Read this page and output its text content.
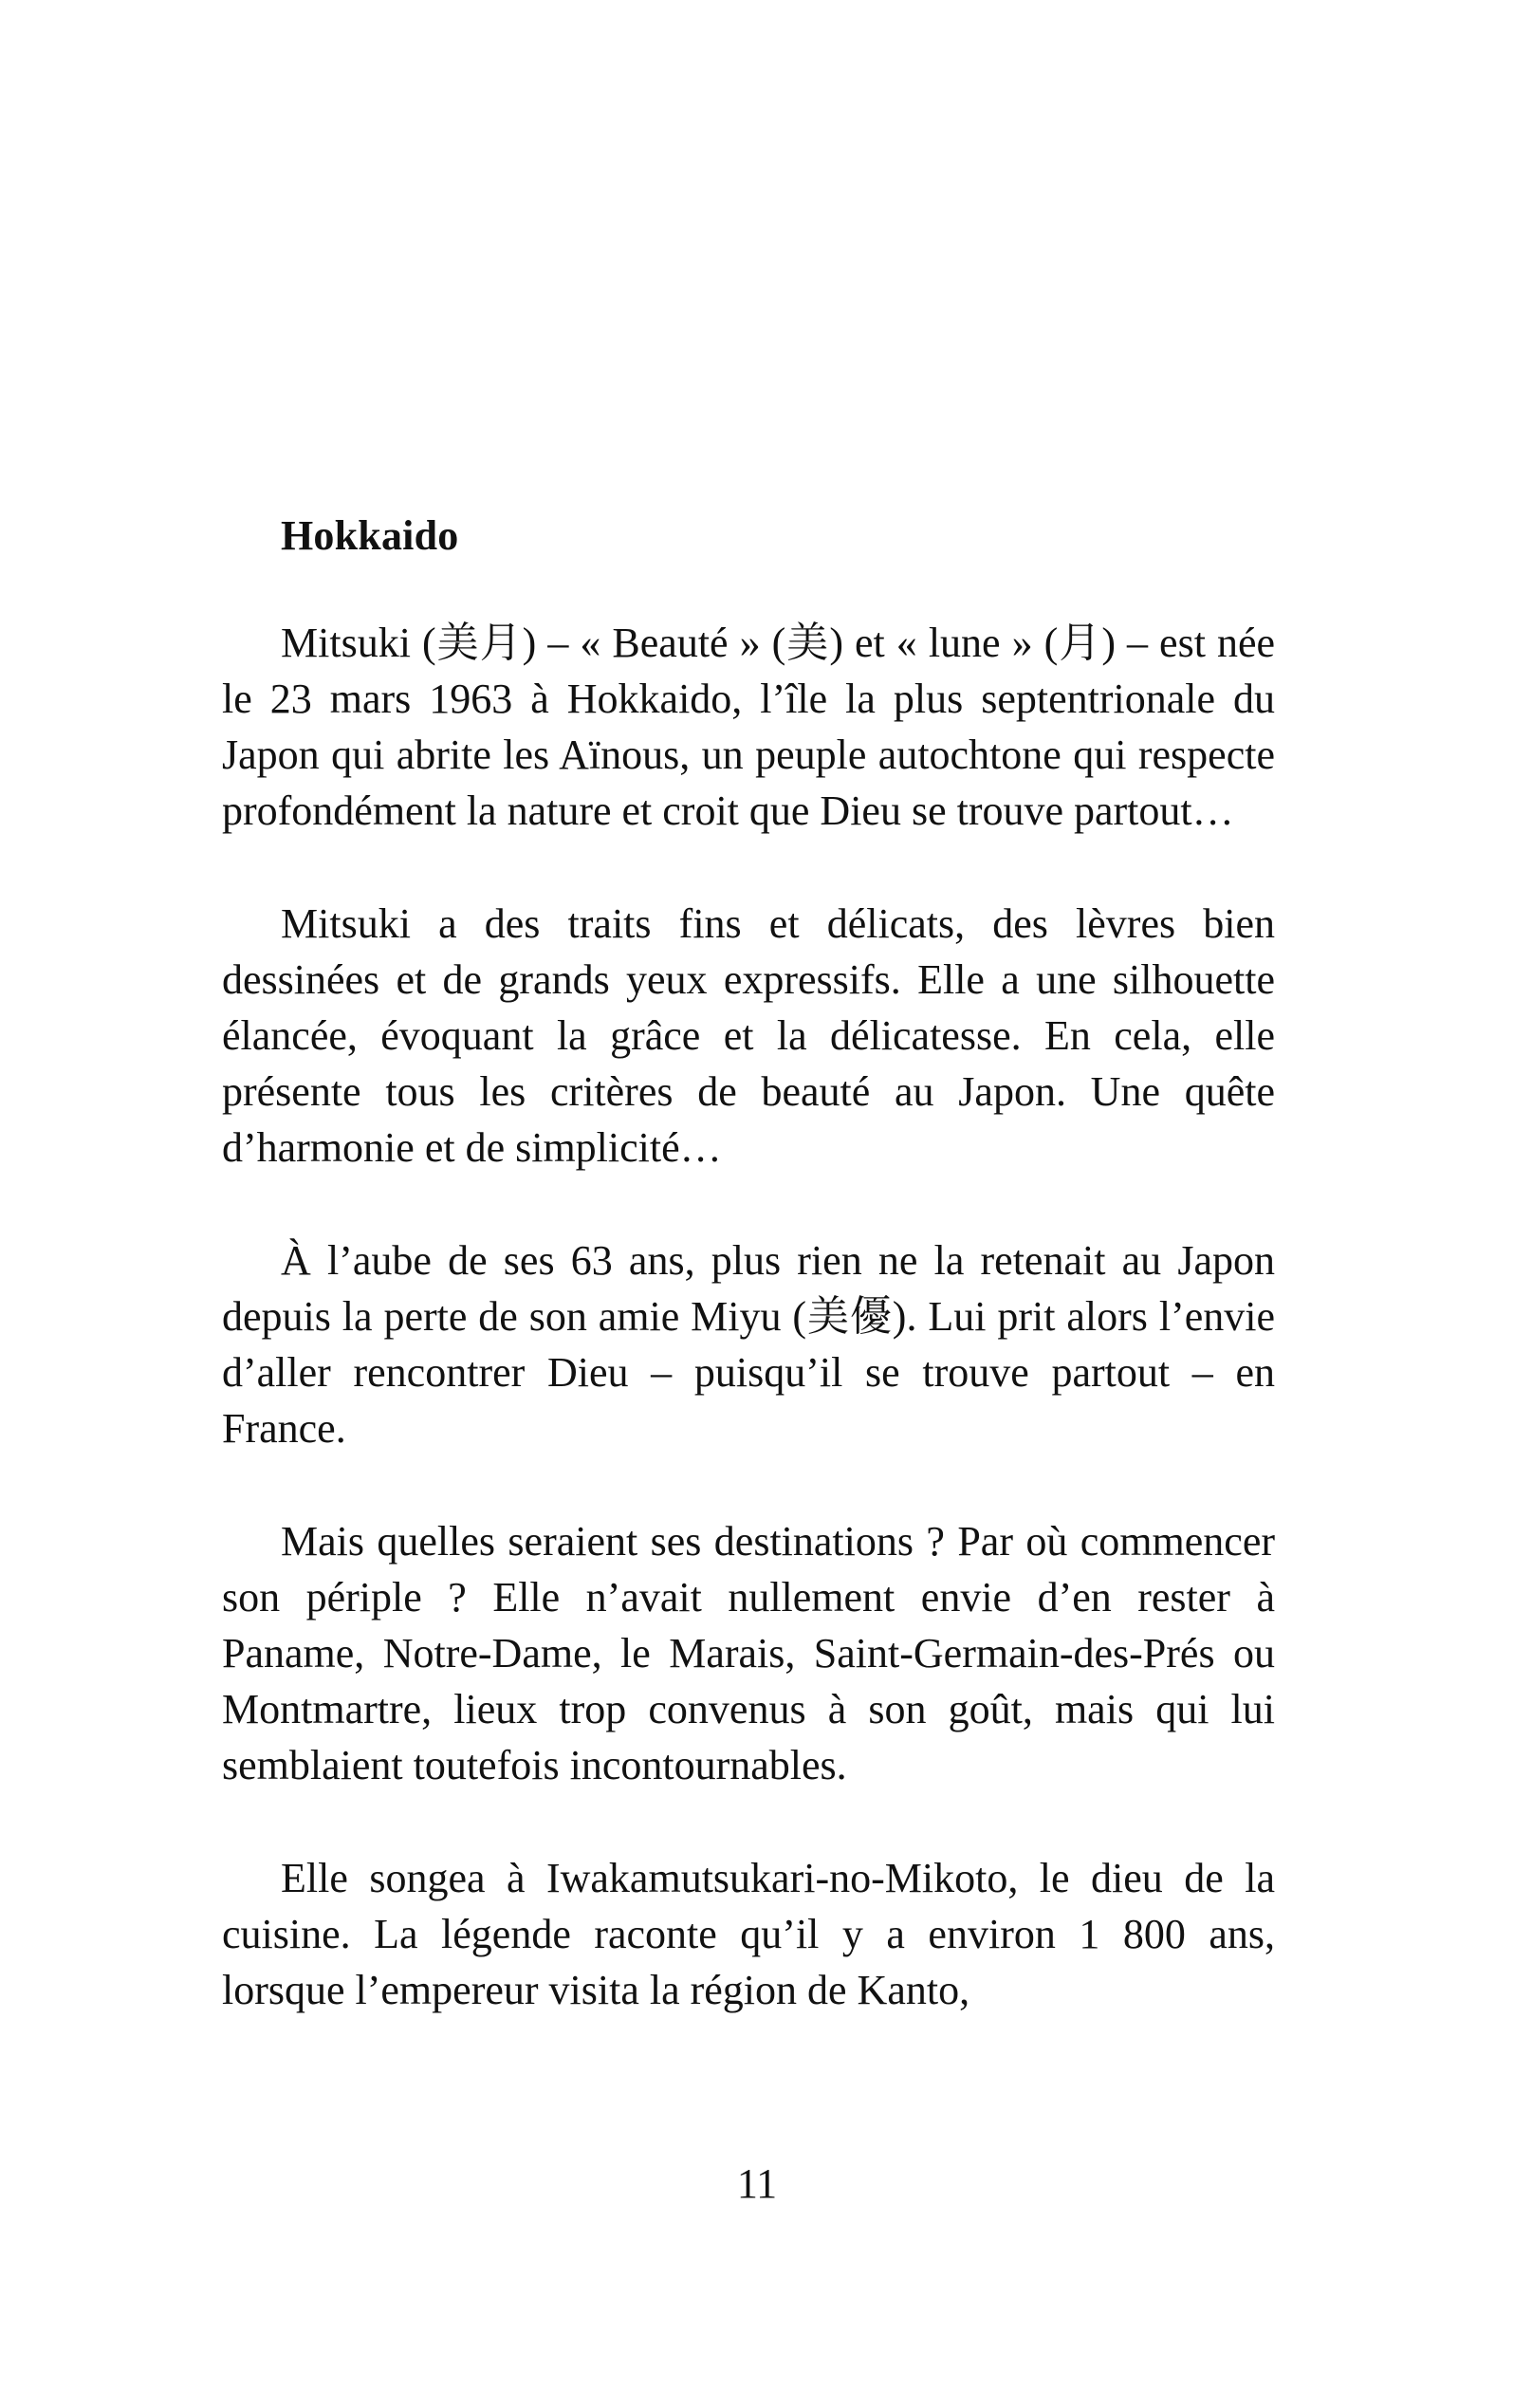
Hokkaido

Mitsuki (美月) – « Beauté » (美) et « lune » (月) – est née le 23 mars 1963 à Hokkaido, l’île la plus septentrionale du Japon qui abrite les Aïnous, un peuple autochtone qui respecte profondément la nature et croit que Dieu se trouve partout…

Mitsuki a des traits fins et délicats, des lèvres bien dessinées et de grands yeux expressifs. Elle a une silhouette élancée, évoquant la grâce et la délicatesse. En cela, elle présente tous les critères de beauté au Japon. Une quête d’harmonie et de simplicité…

À l’aube de ses 63 ans, plus rien ne la retenait au Japon depuis la perte de son amie Miyu (美優). Lui prit alors l’envie d’aller rencontrer Dieu – puisqu’il se trouve partout – en France.

Mais quelles seraient ses destinations ? Par où commencer son périple ? Elle n’avait nullement envie d’en rester à Paname, Notre-Dame, le Marais, Saint-Germain-des-Prés ou Montmartre, lieux trop convenus à son goût, mais qui lui semblaient toutefois incontournables.

Elle songea à Iwakamutsukari-no-Mikoto, le dieu de la cuisine. La légende raconte qu’il y a environ 1 800 ans, lorsque l’empereur visita la région de Kanto,

11
